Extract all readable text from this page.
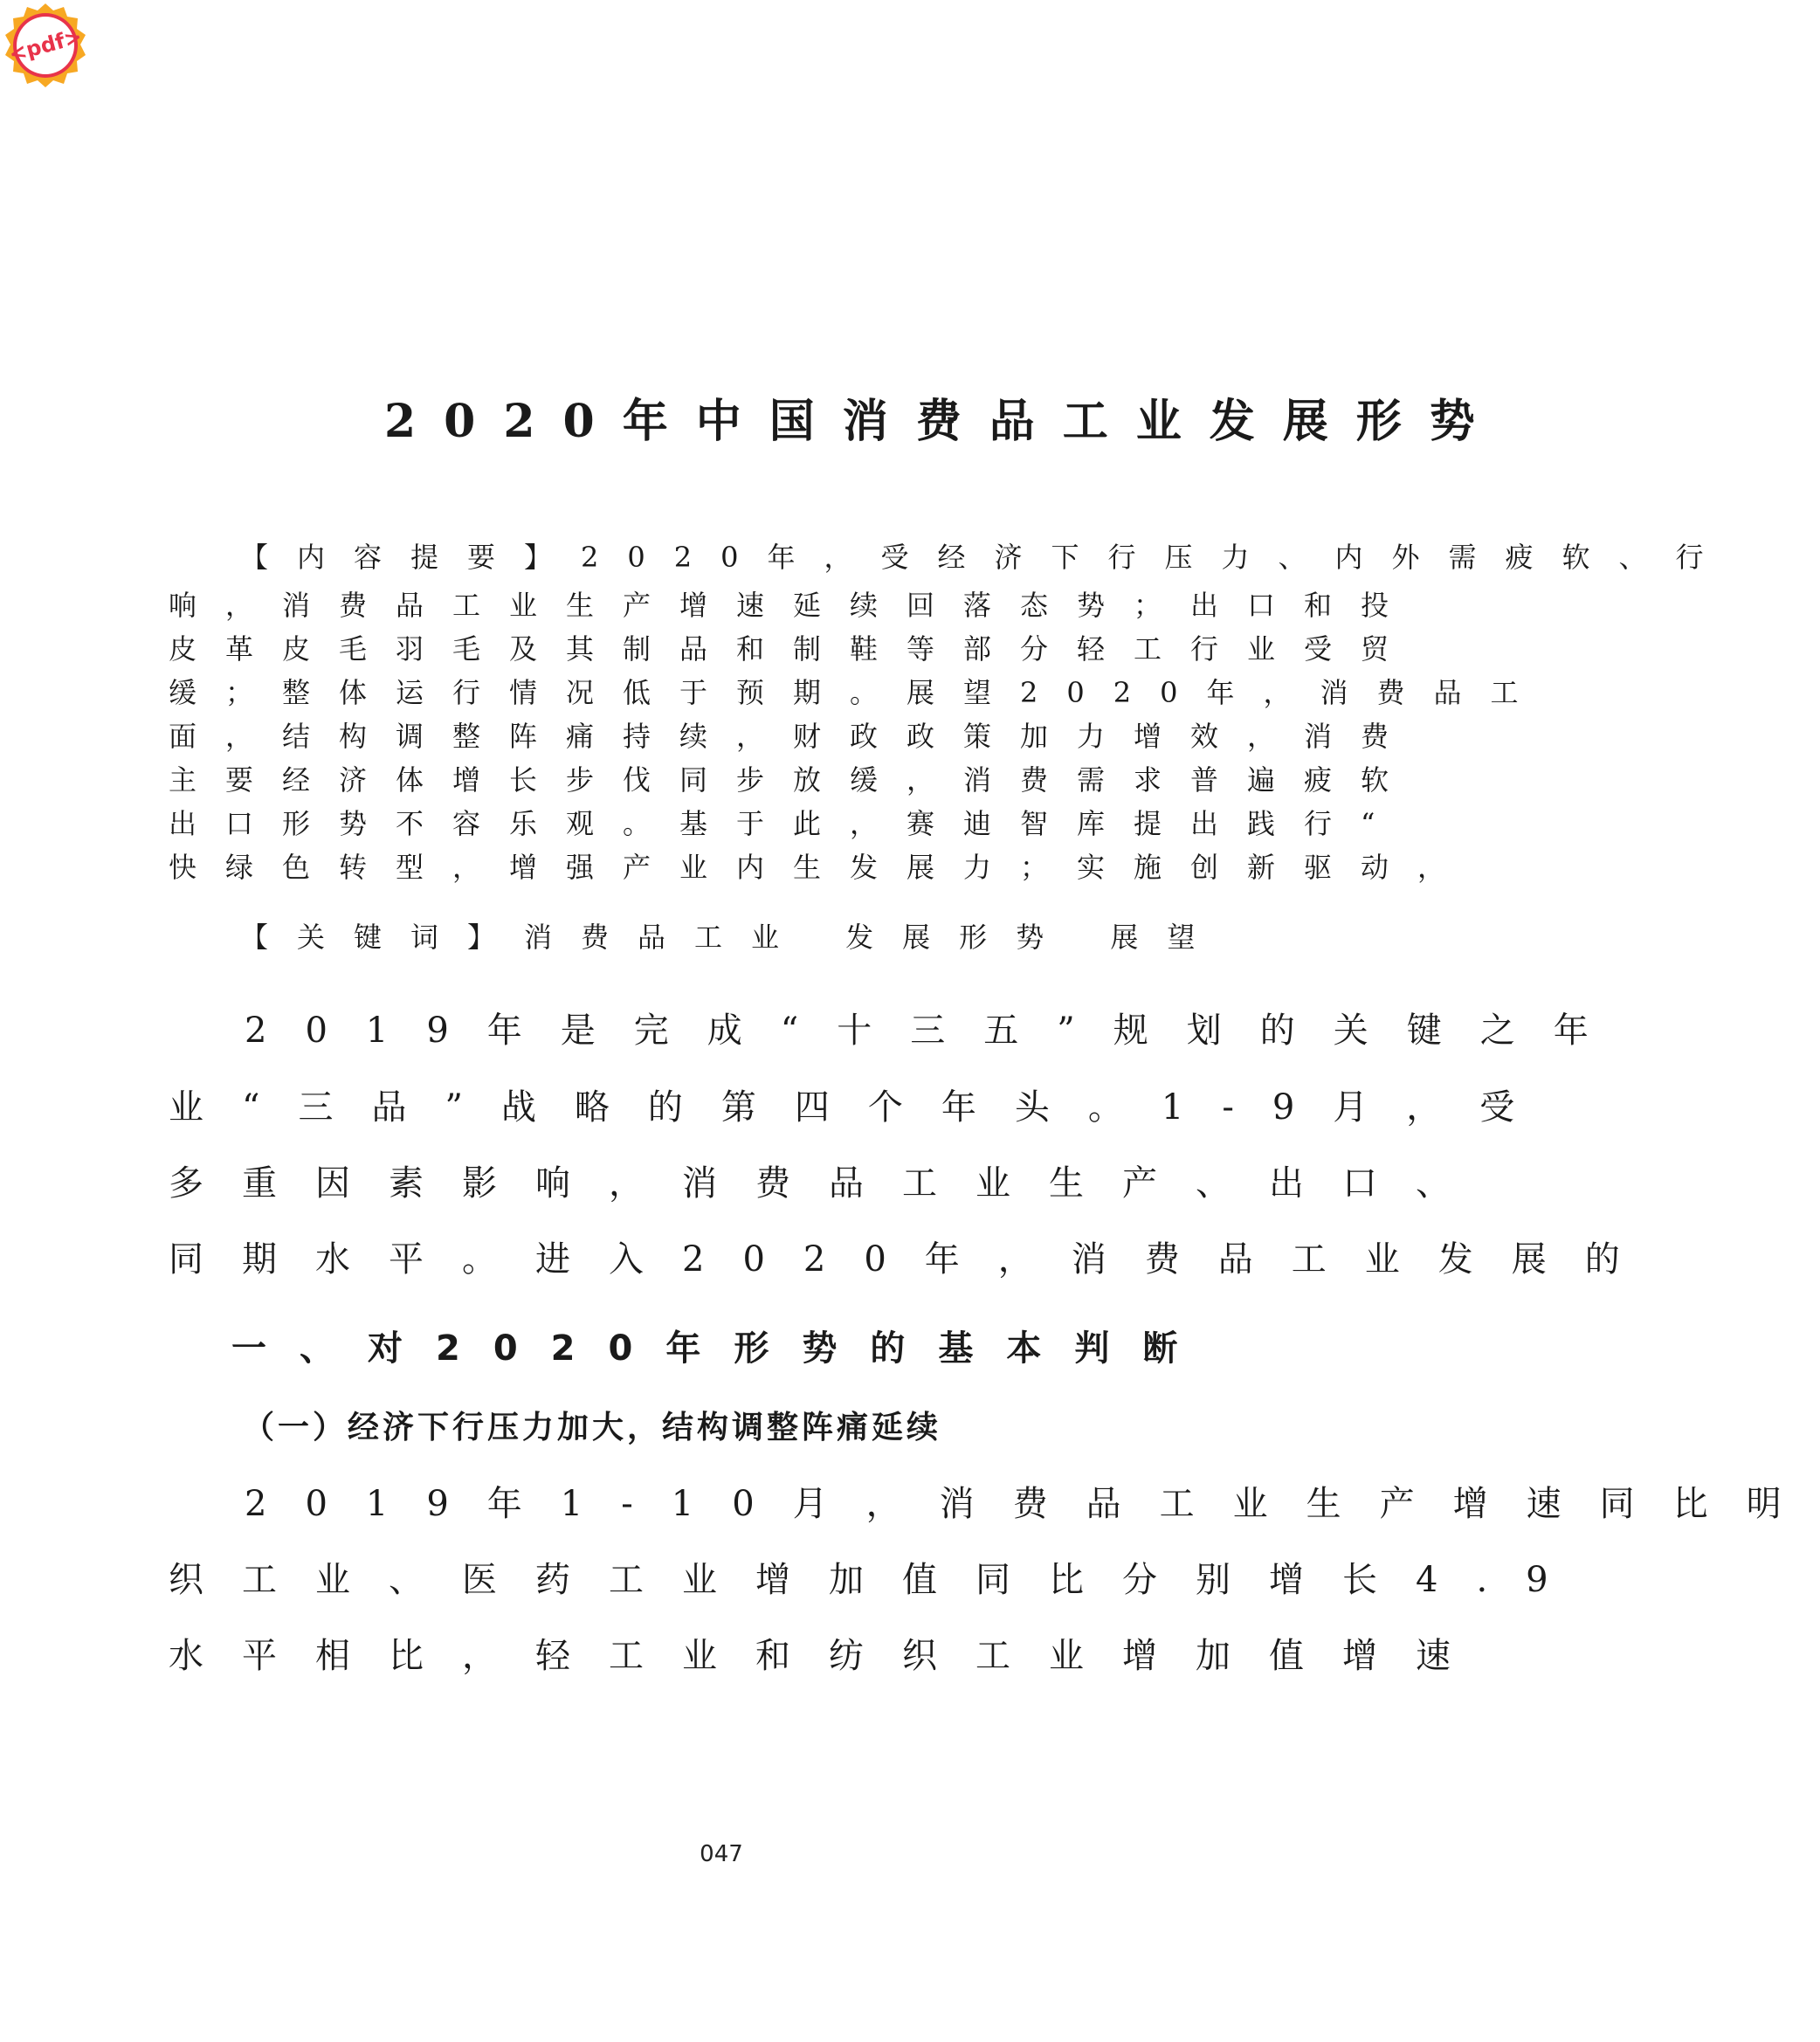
<pdf>
2020年中国消费品工业发展形势
【内容提要】2020年，受经济下行压力、内外需疲软、行
响，消费品工业生产增速延续回落态势；出口和投
皮革皮毛羽毛及其制品和制鞋等部分轻工行业受贸
缓；整体运行情况低于预期。展望2020年，消费品工
面，结构调整阵痛持续，财政政策加力增效，消费
主要经济体增长步伐同步放缓，消费需求普遍疲软
出口形势不容乐观。基于此，赛迪智库提出践行“
快绿色转型，增强产业内生发展力；实施创新驱动，
【关键词】消费品工业 发展形势 展望
2019年是完成“十三五”规划的关键之年
业“三品”战略的第四个年头。1-9月，受
多重因素影响，消费品工业生产、出口、
同期水平。进入2020年，消费品工业发展的
一、对2020年形势的基本判断
（一）经济下行压力加大，结构调整阵痛延续
2019年1-10月，消费品工业生产增速同比明
织工业、医药工业增加值同比分别增长4.9
水平相比，轻工业和纺织工业增加值增速
047
